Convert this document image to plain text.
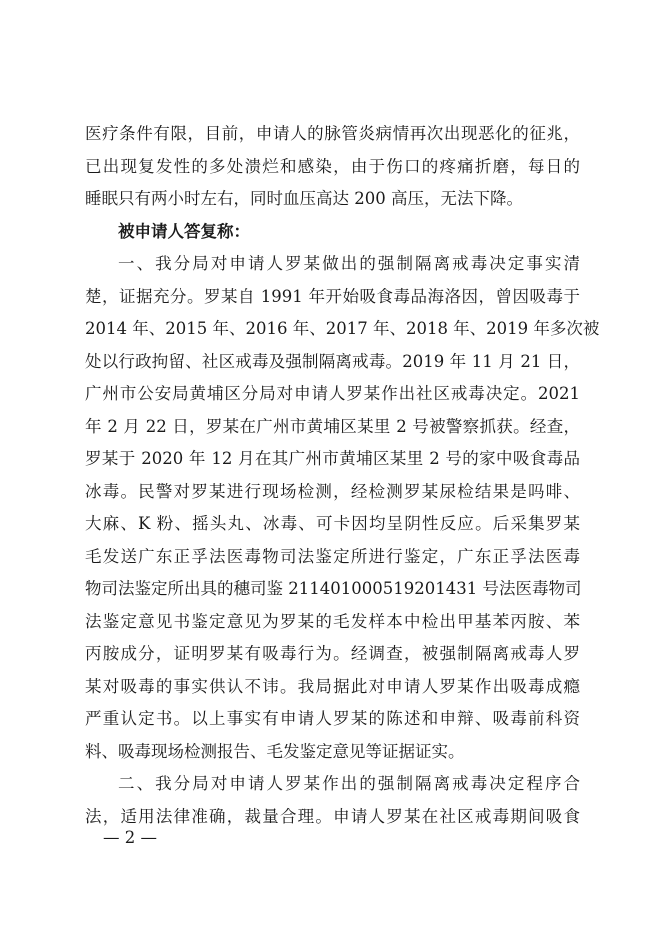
医疗条件有限，目前，申请人的脉管炎病情再次出现恶化的征兆，
已出现复发性的多处溃烂和感染，由于伤口的疼痛折磨，每日的
睡眠只有两小时左右，同时血压高达 200 高压，无法下降。
被申请人答复称：
一、我分局对申请人罗某做出的强制隔离戒毒决定事实清
楚，证据充分。罗某自 1991 年开始吸食毒品海洛因，曾因吸毒于
2014 年、2015 年、2016 年、2017 年、2018 年、2019 年多次被
处以行政拘留、社区戒毒及强制隔离戒毒。2019 年 11 月 21 日，
广州市公安局黄埔区分局对申请人罗某作出社区戒毒决定。2021
年 2 月 22 日，罗某在广州市黄埔区某里 2 号被警察抓获。经查，
罗某于 2020 年 12 月在其广州市黄埔区某里 2 号的家中吸食毒品
冰毒。民警对罗某进行现场检测，经检测罗某尿检结果是吗啡、
大麻、K 粉、摇头丸、冰毒、可卡因均呈阴性反应。后采集罗某
毛发送广东正孚法医毒物司法鉴定所进行鉴定，广东正孚法医毒
物司法鉴定所出具的穗司鉴 211401000519201431 号法医毒物司
法鉴定意见书鉴定意见为罗某的毛发样本中检出甲基苯丙胺、苯
丙胺成分，证明罗某有吸毒行为。经调查，被强制隔离戒毒人罗
某对吸毒的事实供认不讳。我局据此对申请人罗某作出吸毒成瘾
严重认定书。以上事实有申请人罗某的陈述和申辩、吸毒前科资
料、吸毒现场检测报告、毛发鉴定意见等证据证实。
二、我分局对申请人罗某作出的强制隔离戒毒决定程序合
法，适用法律准确，裁量合理。申请人罗某在社区戒毒期间吸食
— 2 —
